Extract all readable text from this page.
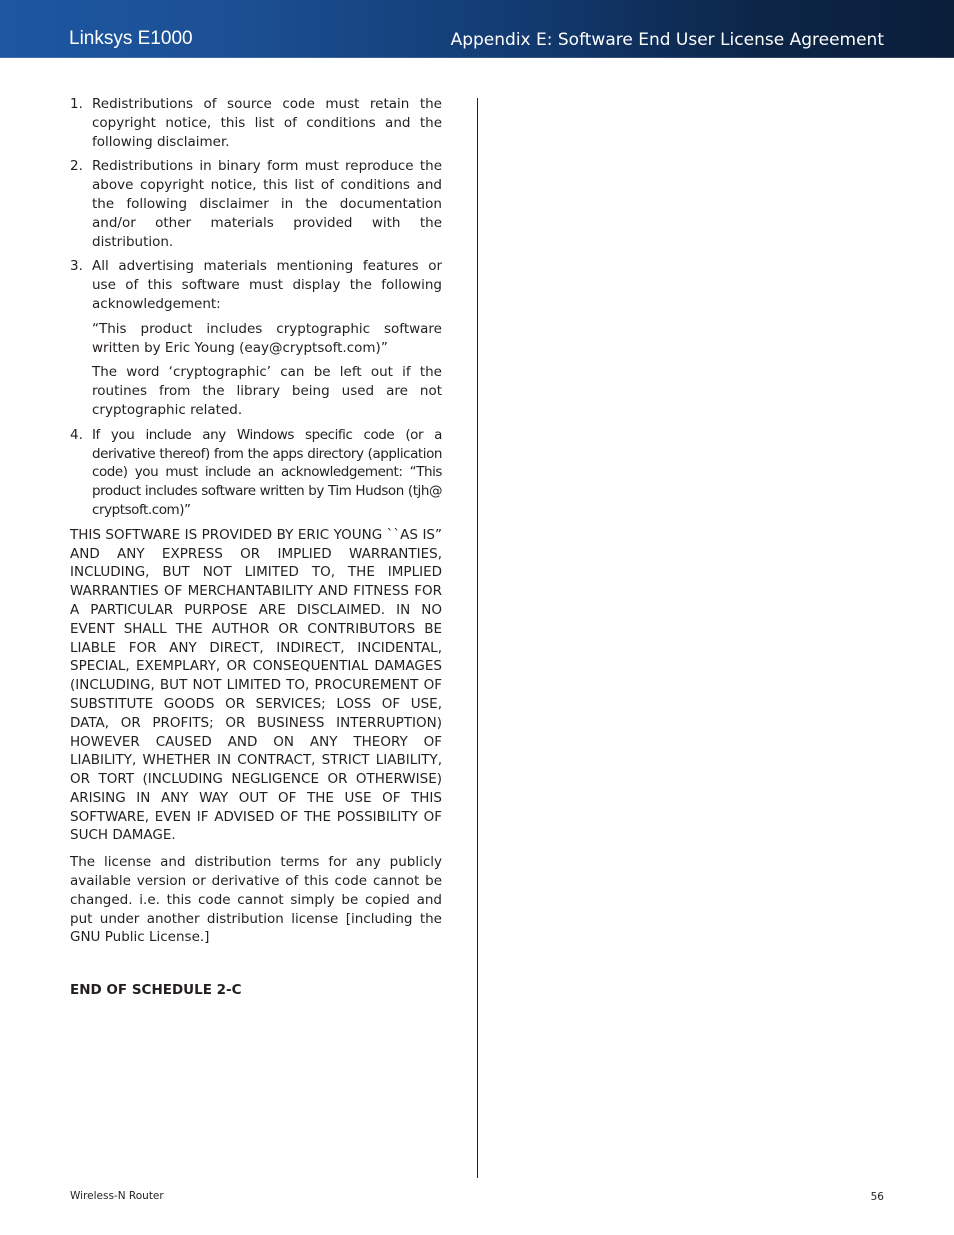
Linksys E1000	Appendix E: Software End User License Agreement
1. Redistributions of source code must retain the copyright notice, this list of conditions and the following disclaimer.

2. Redistributions in binary form must reproduce the above copyright notice, this list of conditions and the following disclaimer in the documentation and/or other materials provided with the distribution.

3. All advertising materials mentioning features or use of this software must display the following acknowledgement:

“This product includes cryptographic software written by Eric Young (eay@cryptsoft.com)”

The word ‘cryptographic’ can be left out if the routines from the library being used are not cryptographic related.

4. If you include any Windows specific code (or a derivative thereof) from the apps directory (application code) you must include an acknowledgement: “This product includes software written by Tim Hudson (tjh@ cryptsoft.com)”

THIS SOFTWARE IS PROVIDED BY ERIC YOUNG ``AS IS” AND ANY EXPRESS OR IMPLIED WARRANTIES, INCLUDING, BUT NOT LIMITED TO, THE IMPLIED WARRANTIES OF MERCHANTABILITY AND FITNESS FOR A PARTICULAR PURPOSE ARE DISCLAIMED. IN NO EVENT SHALL THE AUTHOR OR CONTRIBUTORS BE LIABLE FOR ANY DIRECT, INDIRECT, INCIDENTAL, SPECIAL, EXEMPLARY, OR CONSEQUENTIAL DAMAGES (INCLUDING, BUT NOT LIMITED TO, PROCUREMENT OF SUBSTITUTE GOODS OR SERVICES; LOSS OF USE, DATA, OR PROFITS; OR BUSINESS INTERRUPTION) HOWEVER CAUSED AND ON ANY THEORY OF LIABILITY, WHETHER IN CONTRACT, STRICT LIABILITY, OR TORT (INCLUDING NEGLIGENCE OR OTHERWISE) ARISING IN ANY WAY OUT OF THE USE OF THIS SOFTWARE, EVEN IF ADVISED OF THE POSSIBILITY OF SUCH DAMAGE.

The license and distribution terms for any publicly available version or derivative of this code cannot be changed. i.e. this code cannot simply be copied and put under another distribution license [including the GNU Public License.]

END OF SCHEDULE 2-C
Wireless-N Router	56
